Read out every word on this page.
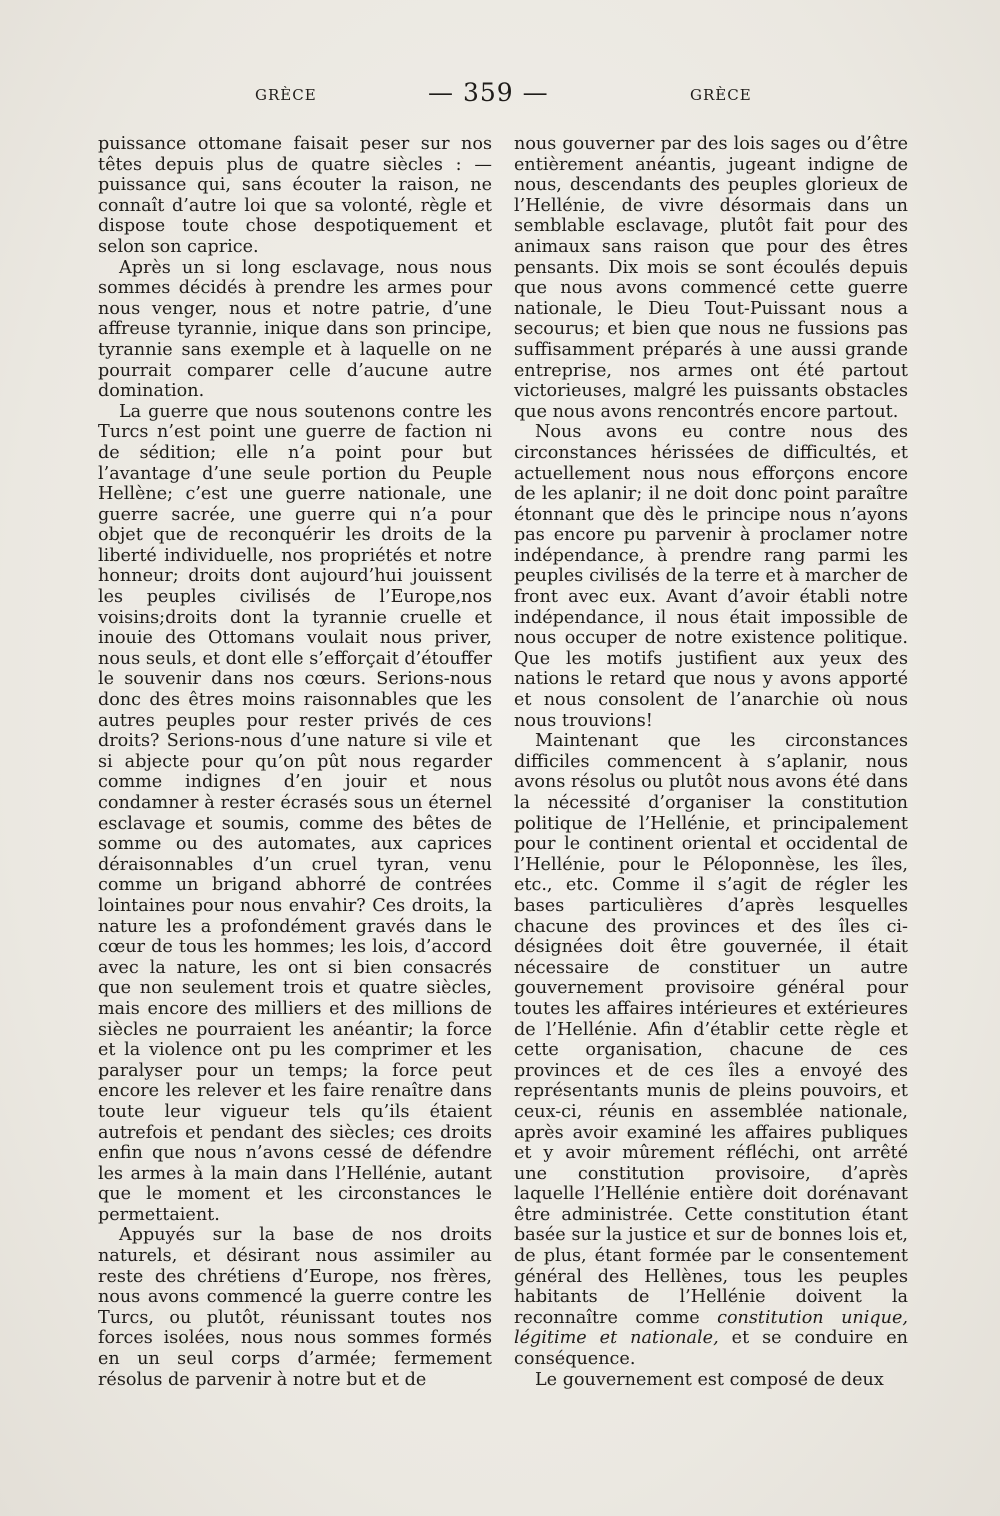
GRÈCE	— 359 —	GRÈCE

puissance ottomane faisait peser sur nos têtes depuis plus de quatre siècles : — puissance qui, sans écouter la raison, ne connaît d’autre loi que sa volonté, règle et dispose toute chose despotiquement et selon son caprice.

Après un si long esclavage, nous nous sommes décidés à prendre les armes pour nous venger, nous et notre patrie, d’une affreuse tyrannie, inique dans son principe, tyrannie sans exemple et à laquelle on ne pourrait comparer celle d’aucune autre domination.

La guerre que nous soutenons contre les Turcs n’est point une guerre de faction ni de sédition; elle n’a point pour but l’avantage d’une seule portion du Peuple Hellène; c’est une guerre nationale, une guerre sacrée, une guerre qui n’a pour objet que de reconquérir les droits de la liberté individuelle, nos propriétés et notre honneur; droits dont aujourd’hui jouissent les peuples civilisés de l’Europe,nos voisins;droits dont la tyrannie cruelle et inouie des Ottomans voulait nous priver, nous seuls, et dont elle s’efforçait d’étouffer le souvenir dans nos cœurs. Serions-nous donc des êtres moins raisonnables que les autres peuples pour rester privés de ces droits? Serions-nous d’une nature si vile et si abjecte pour qu’on pût nous regarder comme indignes d’en jouir et nous condamner à rester écrasés sous un éternel esclavage et soumis, comme des bêtes de somme ou des automates, aux caprices déraisonnables d’un cruel tyran, venu comme un brigand abhorré de contrées lointaines pour nous envahir? Ces droits, la nature les a profondément gravés dans le cœur de tous les hommes; les lois, d’accord avec la nature, les ont si bien consacrés que non seulement trois et quatre siècles, mais encore des milliers et des millions de siècles ne pourraient les anéantir; la force et la violence ont pu les comprimer et les paralyser pour un temps; la force peut encore les relever et les faire renaître dans toute leur vigueur tels qu’ils étaient autrefois et pendant des siècles; ces droits enfin que nous n’avons cessé de défendre les armes à la main dans l’Hellénie, autant que le moment et les circonstances le permettaient.

Appuyés sur la base de nos droits naturels, et désirant nous assimiler au reste des chrétiens d’Europe, nos frères, nous avons commencé la guerre contre les Turcs, ou plutôt, réunissant toutes nos forces isolées, nous nous sommes formés en un seul corps d’armée; fermement résolus de parvenir à notre but et de

nous gouverner par des lois sages ou d’être entièrement anéantis, jugeant indigne de nous, descendants des peuples glorieux de l’Hellénie, de vivre désormais dans un semblable esclavage, plutôt fait pour des animaux sans raison que pour des êtres pensants. Dix mois se sont écoulés depuis que nous avons commencé cette guerre nationale, le Dieu Tout-Puissant nous a secourus; et bien que nous ne fussions pas suffisamment préparés à une aussi grande entreprise, nos armes ont été partout victorieuses, malgré les puissants obstacles que nous avons rencontrés encore partout.

Nous avons eu contre nous des circonstances hérissées de difficultés, et actuellement nous nous efforçons encore de les aplanir; il ne doit donc point paraître étonnant que dès le principe nous n’ayons pas encore pu parvenir à proclamer notre indépendance, à prendre rang parmi les peuples civilisés de la terre et à marcher de front avec eux. Avant d’avoir établi notre indépendance, il nous était impossible de nous occuper de notre existence politique. Que les motifs justifient aux yeux des nations le retard que nous y avons apporté et nous consolent de l’anarchie où nous nous trouvions!

Maintenant que les circonstances difficiles commencent à s’aplanir, nous avons résolus ou plutôt nous avons été dans la nécessité d’organiser la constitution politique de l’Hellénie, et principalement pour le continent oriental et occidental de l’Hellénie, pour le Péloponnèse, les îles, etc., etc. Comme il s’agit de régler les bases particulières d’après lesquelles chacune des provinces et des îles ci-désignées doit être gouvernée, il était nécessaire de constituer un autre gouvernement provisoire général pour toutes les affaires intérieures et extérieures de l’Hellénie. Afin d’établir cette règle et cette organisation, chacune de ces provinces et de ces îles a envoyé des représentants munis de pleins pouvoirs, et ceux-ci, réunis en assemblée nationale, après avoir examiné les affaires publiques et y avoir mûrement réfléchi, ont arrêté une constitution provisoire, d’après laquelle l’Hellénie entière doit dorénavant être administrée. Cette constitution étant basée sur la justice et sur de bonnes lois et, de plus, étant formée par le consentement général des Hellènes, tous les peuples habitants de l’Hellénie doivent la reconnaître comme constitution unique, légitime et nationale, et se conduire en conséquence.

Le gouvernement est composé de deux
